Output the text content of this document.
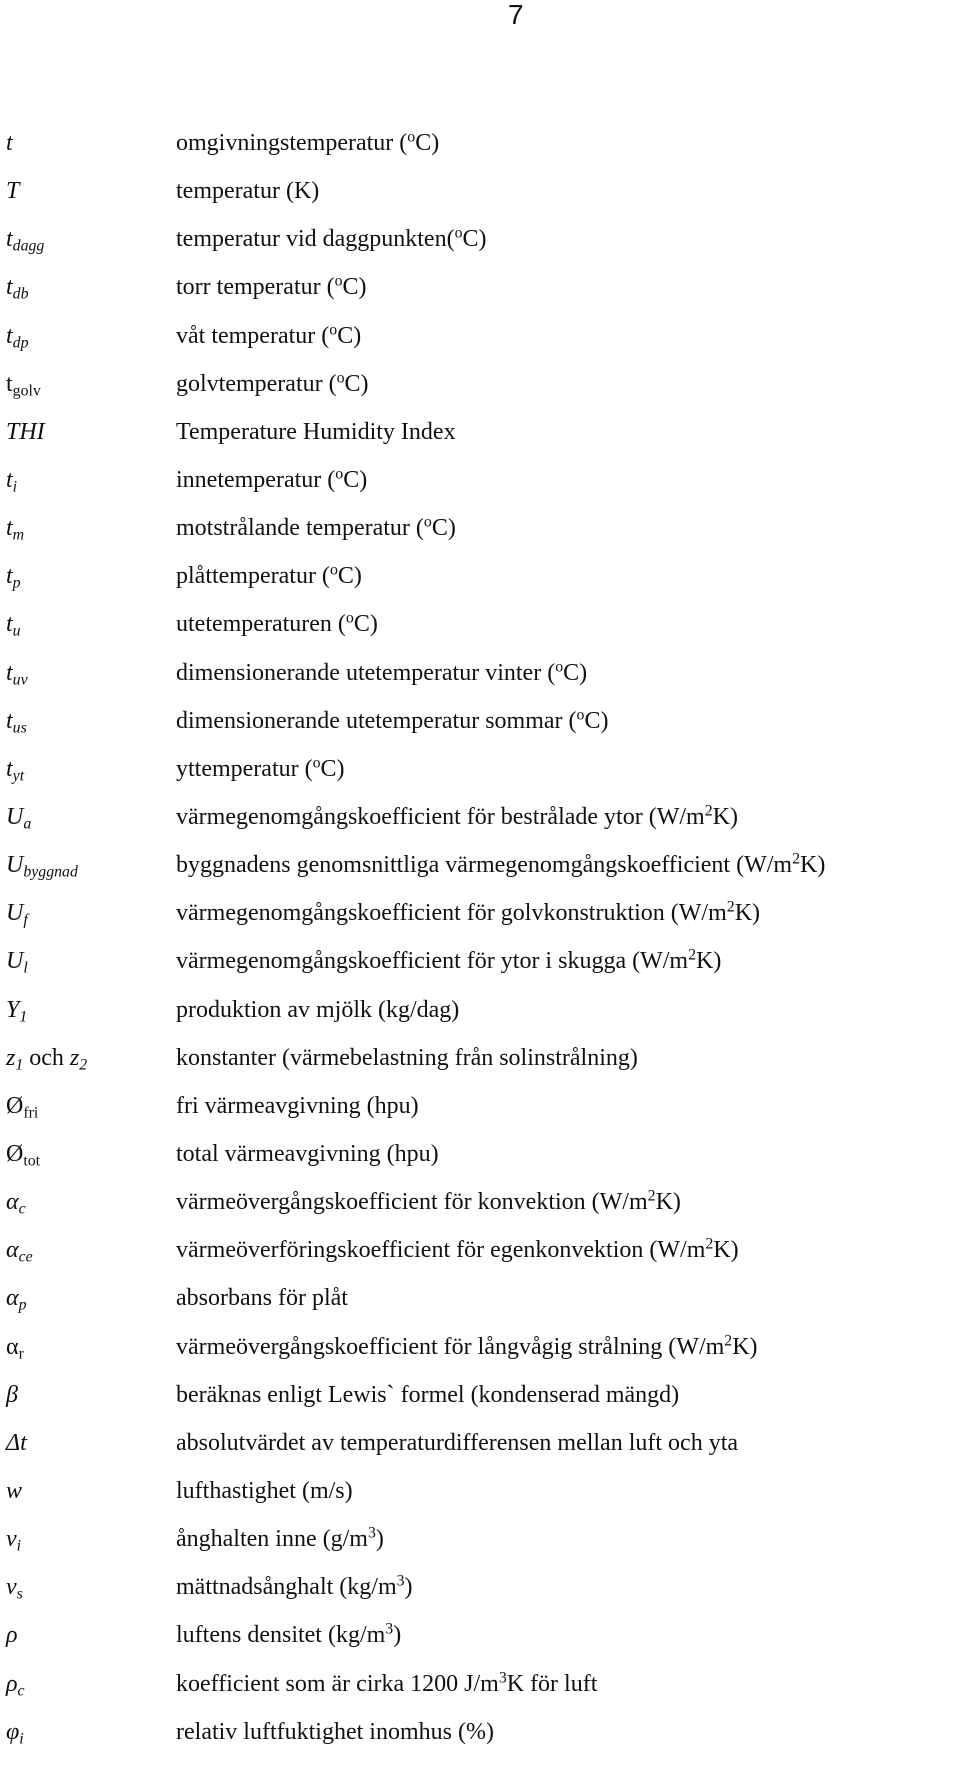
7
t	omgivningstemperatur ($^o$C)
T	temperatur (K)
$t_{dagg}$	temperatur vid daggpunkten($^o$C)
$t_{db}$	torr temperatur ($^o$C)
$t_{dp}$	våt temperatur ($^o$C)
$t_{golv}$	golvtemperatur ($^o$C)
THI	Temperature Humidity Index
$t_i$	innetemperatur ($^o$C)
$t_m$	motstrålande temperatur ($^o$C)
$t_p$	plåttemperatur ($^o$C)
$t_u$	utetemperaturen ($^o$C)
$t_{uv}$	dimensionerande utetemperatur vinter ($^o$C)
$t_{us}$	dimensionerande utetemperatur sommar ($^o$C)
$t_{yt}$	yttemperatur ($^o$C)
$U_a$	värmegenomgångskoefficient för bestrålade ytor $(W/m^2K)$
$U_{byggnad}$	byggnadens genomsnittliga värmegenomgångskoefficient $(W/m^2K)$
$U_f$	värmegenomgångskoefficient för golvkonstruktion $(W/m^2K)$
$U_l$	värmegenomgångskoefficient för ytor i skugga $(W/m^2K)$
$Y_1$	produktion av mjölk (kg/dag)
$z_1$ och $z_2$	konstanter (värmebelastning från solinstrålning)
$Ø_{fri}$	fri värmeavgivning (hpu)
$Ø_{tot}$	total värmeavgivning (hpu)
$\alpha_c$	värmeövergångskoefficient för konvektion $(W/m^2K)$
$\alpha_{ce}$	värmeöverföringskoefficient för egenkonvektion $(W/m^2K)$
$\alpha_p$	absorbans för plåt
$\alpha_r$	värmeövergångskoefficient för långvågig strålning $(W/m^2K)$
β	beräknas enligt Lewis` formel (kondenserad mängd)
Δt	absolutvärdet av temperaturdifferensen mellan luft och yta
w	lufthastighet (m/s)
$\nu_i$	ånghalten inne $(g/m^3)$
$\nu_s$	mättnadsånghalt $(kg/m^3)$
ρ	luftens densitet $(kg/m^3)$
$\rho_c$	koefficient som är cirka 1200 $J/m^3K$ för luft
$\varphi_i$	relativ luftfuktighet inomhus (%)
